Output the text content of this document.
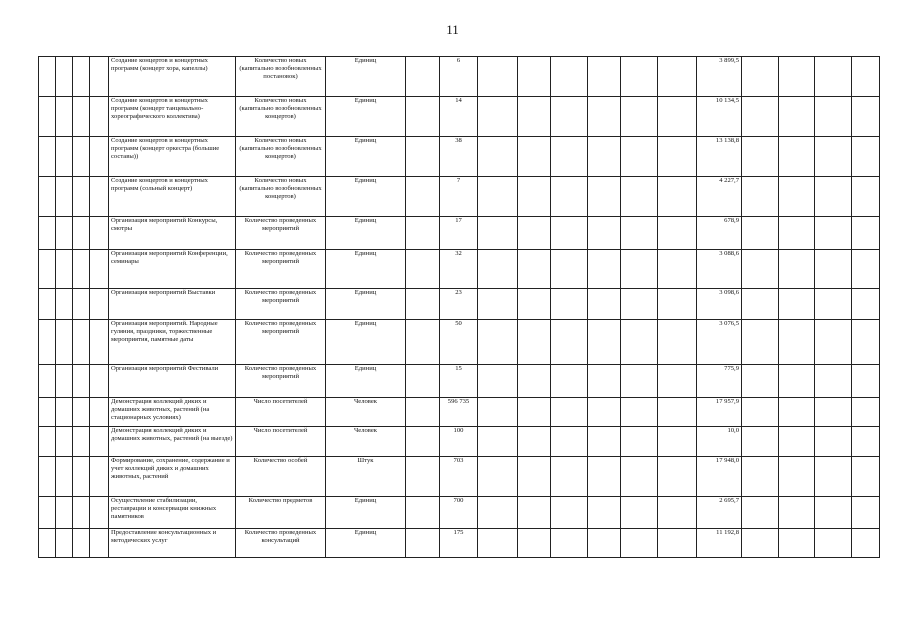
11
				Создание концертов и концертных программ (концерт хора, капеллы)	Количество новых (капитально возобновленных постановок)	Единиц		6							3 899,5				
				Создание концертов и концертных программ (концерт танцевально-хореографического коллектива)	Количество новых (капитально возобновленных концертов)	Единиц		14							10 134,5				
				Создание концертов и концертных программ (концерт оркестра (большие составы))	Количество новых (капитально возобновленных концертов)	Единиц		38							13 138,8				
				Создание концертов и концертных программ (сольный концерт)	Количество новых (капитально возобновленных концертов)	Единиц		7							4 227,7				
				Организация мероприятий Конкурсы, смотры	Количество проведенных мероприятий	Единиц		17							678,9				
				Организация мероприятий Конференции, семинары	Количество проведенных мероприятий	Единиц		32							3 088,6				
				Организация мероприятий Выставки	Количество проведенных мероприятий	Единиц		23							3 098,6				
				Организация мероприятий. Народные гуляния, праздники, торжественные мероприятия, памятные даты	Количество проведенных мероприятий	Единиц		50							3 076,5				
				Организация мероприятий Фестивали	Количество проведенных мероприятий	Единиц		15							775,9				
				Демонстрация коллекций диких и домашних животных, растений (на стационарных условиях)	Число посетителей	Человек		596 735							17 957,9				
				Демонстрация коллекций диких и домашних животных, растений (на выезде)	Число посетителей	Человек		100							10,0				
				Формирование, сохранение, содержание и учет коллекций диких и домашних животных, растений	Количество особей	Штук		703							17 948,0				
				Осуществление стабилизации, реставрации и консервации книжных памятников	Количество предметов	Единиц		700							2 695,7				
				Предоставление консультационных и методических услуг	Количество проведенных консультаций	Единиц		175							11 192,8				
